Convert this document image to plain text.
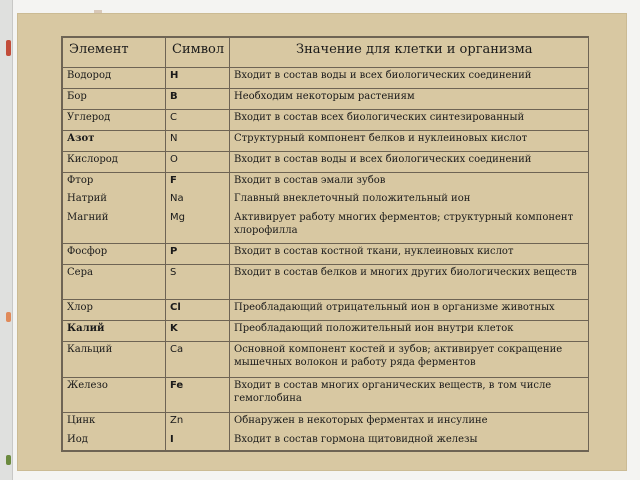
Элемент	Символ	Значение для клетки и организма
Водород	H	Входит в состав воды и всех биологических соединений
Бор	B	Необходим некоторым растениям
Углерод	C	Входит в состав всех биологических синтезированный
Азот	N	Структурный компонент белков и нуклеиновых кислот
Кислород	O	Входит в состав воды и всех биологических соединений
Фтор	F	Входит в состав эмали зубов
Натрий	Na	Главный внеклеточный положительный ион
Магний	Mg	Активирует работу многих ферментов; структурный компонент хлорофилла
Фосфор	P	Входит в состав костной ткани, нуклеиновых кислот
Сера	S	Входит в состав белков и многих других биологических веществ
Хлор	Cl	Преобладающий отрицательный ион в организме животных
Калий	K	Преобладающий положительный ион внутри клеток
Кальций	Ca	Основной компонент костей и зубов; активирует сокращение мышечных волокон и работу ряда ферментов
Железо	Fe	Входит в состав многих органических веществ, в том числе гемоглобина
Цинк	Zn	Обнаружен в некоторых ферментах и инсулине
Иод	I	Входит в состав гормона щитовидной железы
